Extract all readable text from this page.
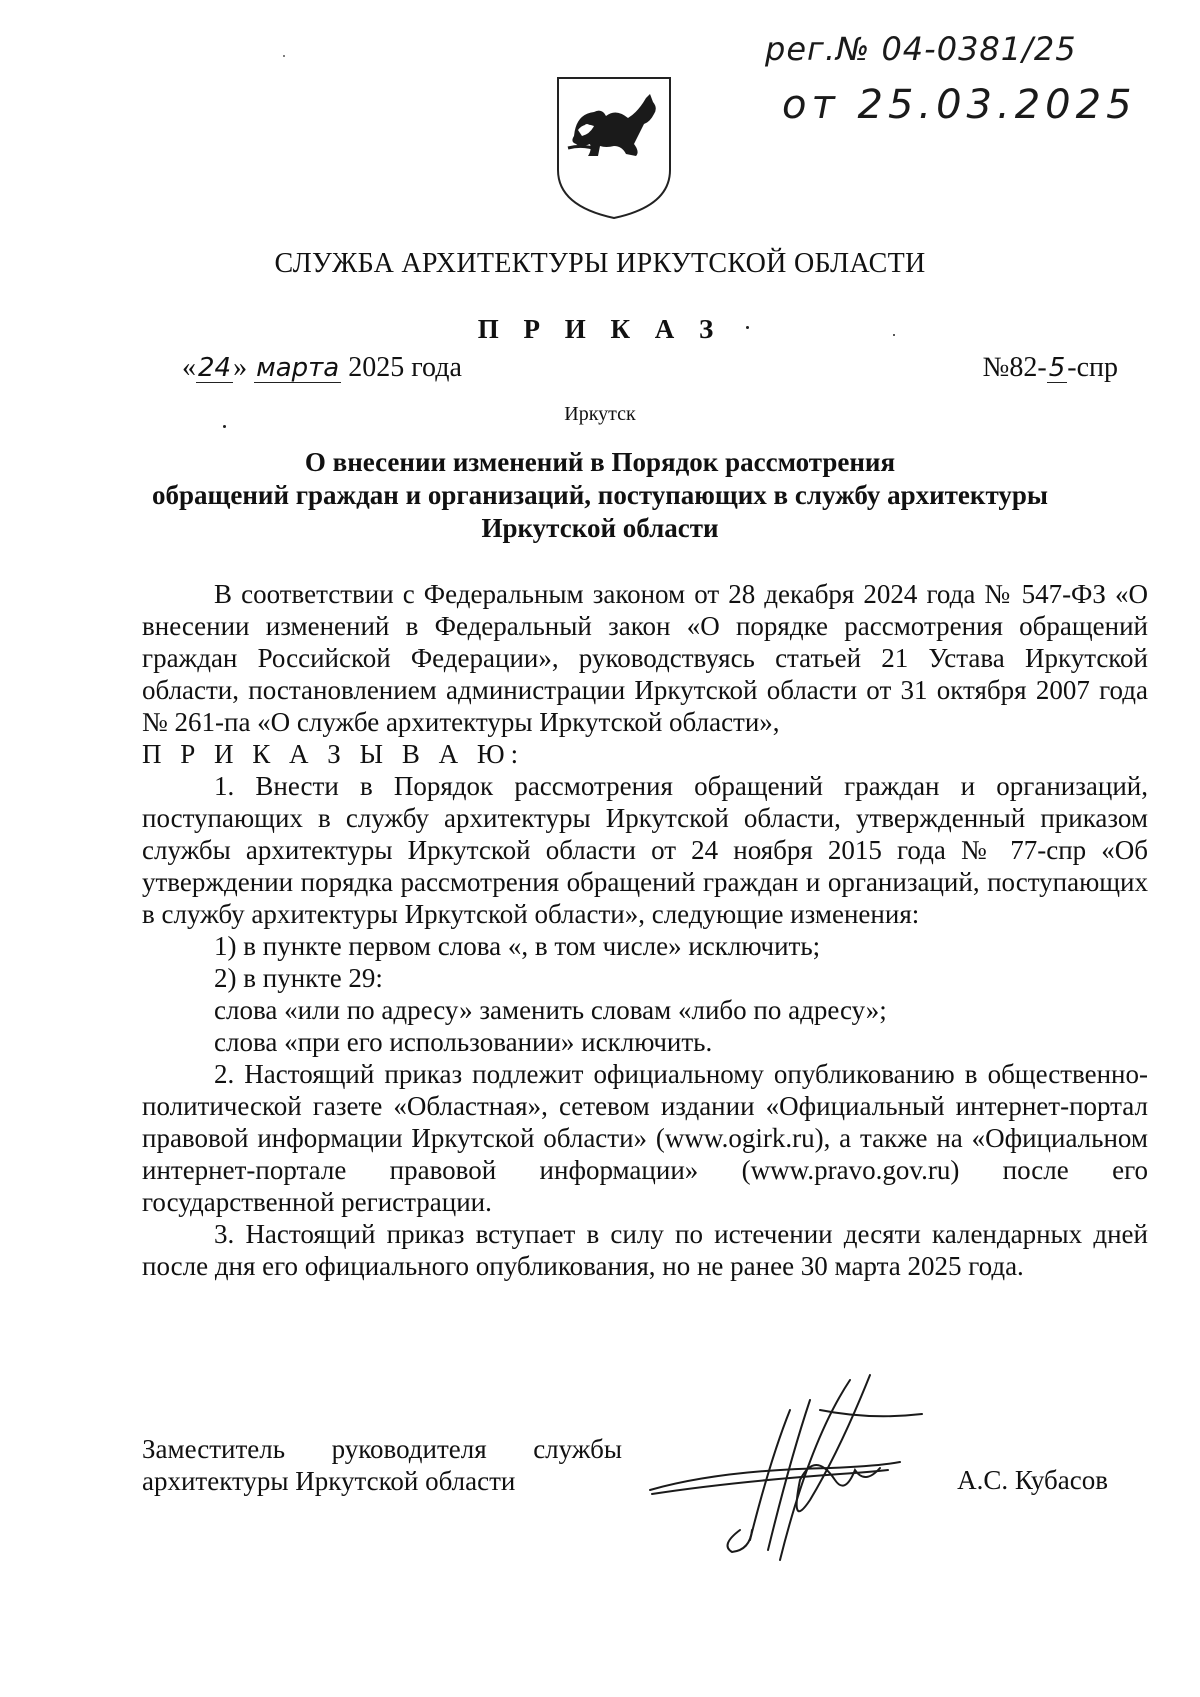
рег.№ 04-0381/25
от 25.03.2025
СЛУЖБА АРХИТЕКТУРЫ ИРКУТСКОЙ ОБЛАСТИ
П Р И К А З
«24» марта 2025 года	№82-5-спр
Иркутск
О внесении изменений в Порядок рассмотрения
обращений граждан и организаций, поступающих в службу архитектуры
Иркутской области

В соответствии с Федеральным законом от 28 декабря 2024 года № 547-ФЗ «О внесении изменений в Федеральный закон «О порядке рассмотрения обращений граждан Российской Федерации», руководствуясь статьей 21 Устава Иркутской области, постановлением администрации Иркутской области от 31 октября 2007 года № 261-па «О службе архитектуры Иркутской области»,

П Р И К А З Ы В А Ю:

1. Внести в Порядок рассмотрения обращений граждан и организаций, поступающих в службу архитектуры Иркутской области, утвержденный приказом службы архитектуры Иркутской области от 24 ноября 2015 года № 77-спр «Об утверждении порядка рассмотрения обращений граждан и организаций, поступающих в службу архитектуры Иркутской области», следующие изменения:

1) в пункте первом слова «, в том числе» исключить;

2) в пункте 29:

слова «или по адресу» заменить словам «либо по адресу»;

слова «при его использовании» исключить.

2. Настоящий приказ подлежит официальному опубликованию в общественно-политической газете «Областная», сетевом издании «Официальный интернет-портал правовой информации Иркутской области» (www.ogirk.ru), а также на «Официальном интернет-портале правовой информации» (www.pravo.gov.ru) после его государственной регистрации.

3. Настоящий приказ вступает в силу по истечении десяти календарных дней после дня его официального опубликования, но не ранее 30 марта 2025 года.

Заместитель руководителя службы
архитектуры Иркутской области	А.С. Кубасов
